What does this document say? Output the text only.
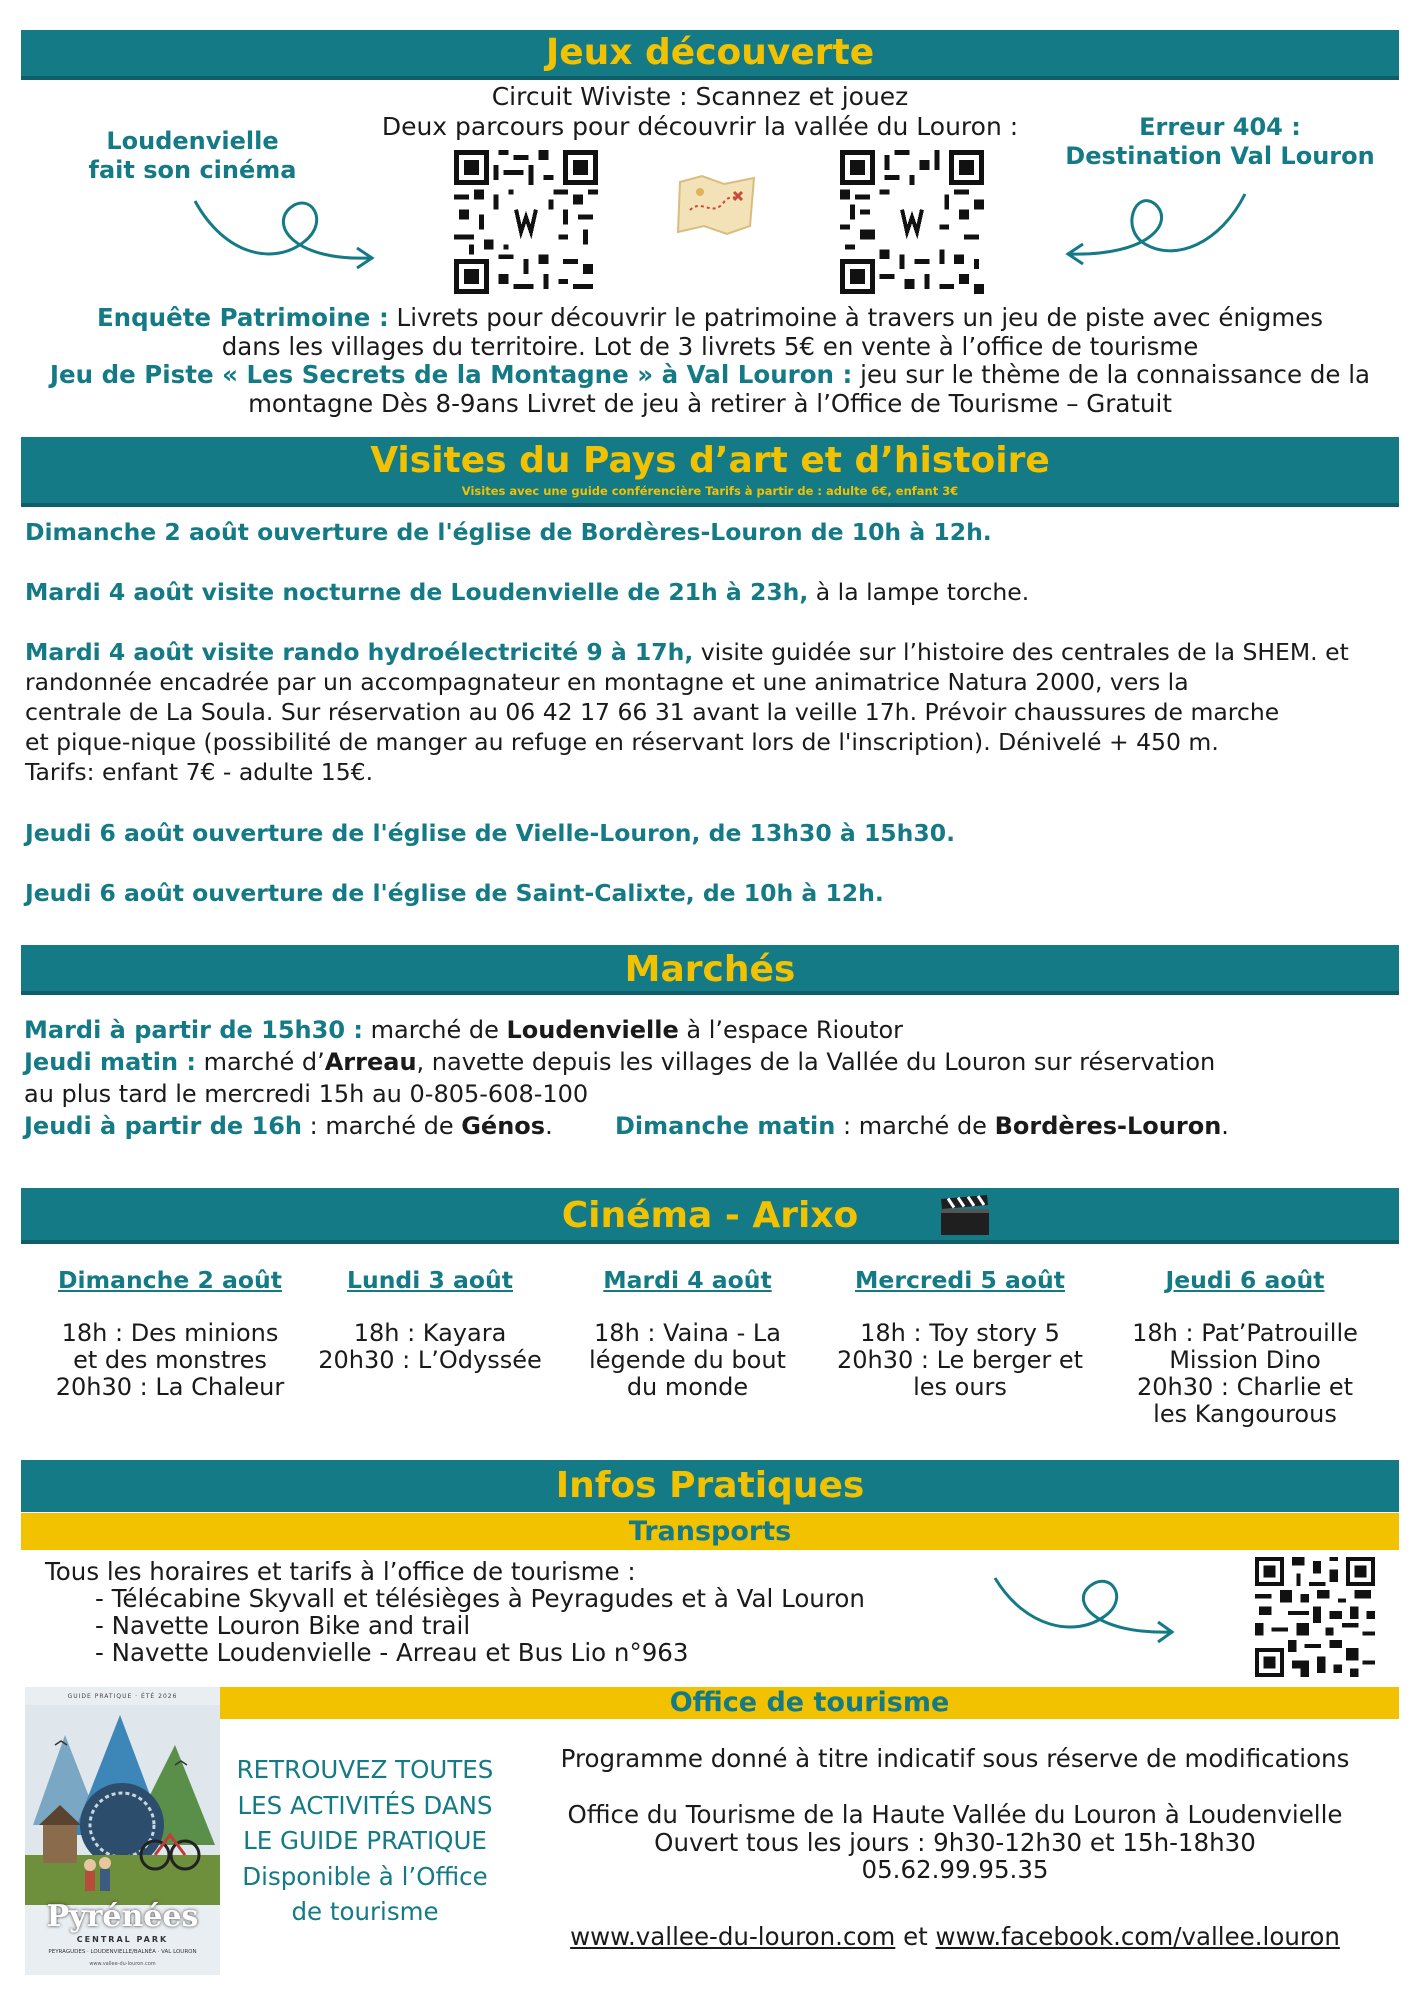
Jeux découverte
Circuit Wiviste : Scannez et jouez
Deux parcours pour découvrir la vallée du Louron :
Loudenvielle
fait son cinéma
Erreur 404 :
Destination Val Louron
Enquête Patrimoine : Livrets pour découvrir le patrimoine à travers un jeu de piste avec énigmes
dans les villages du territoire. Lot de 3 livrets 5€ en vente à l’office de tourisme
Jeu de Piste « Les Secrets de la Montagne » à Val Louron : jeu sur le thème de la connaissance de la
montagne Dès 8-9ans Livret de jeu à retirer à l’Office de Tourisme – Gratuit
Visites du Pays d’art et d’histoire
Visites avec une guide conférencière Tarifs à partir de : adulte 6€, enfant 3€
Dimanche 2 août ouverture de l'église de Bordères-Louron de 10h à 12h.
Mardi 4 août visite nocturne de Loudenvielle de 21h à 23h, à la lampe torche.
Mardi 4 août visite rando hydroélectricité 9 à 17h, visite guidée sur l’histoire des centrales de la SHEM. et
randonnée encadrée par un accompagnateur en montagne et une animatrice Natura 2000, vers la
centrale de La Soula. Sur réservation au 06 42 17 66 31 avant la veille 17h. Prévoir chaussures de marche
et pique-nique (possibilité de manger au refuge en réservant lors de l'inscription). Dénivelé + 450 m.
Tarifs: enfant 7€ - adulte 15€.
Jeudi 6 août ouverture de l'église de Vielle-Louron, de 13h30 à 15h30.
Jeudi 6 août ouverture de l'église de Saint-Calixte, de 10h à 12h.
Marchés
Mardi à partir de 15h30 : marché de Loudenvielle à l’espace Rioutor
Jeudi matin : marché d’Arreau, navette depuis les villages de la Vallée du Louron sur réservation
au plus tard le mercredi 15h au 0-805-608-100
Jeudi à partir de 16h : marché de Génos.	Dimanche matin : marché de Bordères-Louron.
Cinéma - Arixo
Dimanche 2 août
18h : Des minions
et des monstres
20h30 : La Chaleur
Lundi 3 août
18h : Kayara
20h30 : L’Odyssée
Mardi 4 août
18h : Vaina - La
légende du bout
du monde
Mercredi 5 août
18h : Toy story 5
20h30 : Le berger et
les ours
Jeudi 6 août
18h : Pat’Patrouille
Mission Dino
20h30 : Charlie et
les Kangourous
Infos Pratiques
Transports
Tous les horaires et tarifs à l’office de tourisme :
- Télécabine Skyvall et télésièges à Peyragudes et à Val Louron
- Navette Louron Bike and trail
- Navette Loudenvielle - Arreau et Bus Lio n°963
Office de tourisme
GUIDE PRATIQUE · ÉTÉ 2026
Pyrénées
CENTRAL PARK
PEYRAGUDES · LOUDENVIELLE/BALNÉA · VAL LOURON
www.vallee-du-louron.com
RETROUVEZ TOUTES
LES ACTIVITÉS DANS
LE GUIDE PRATIQUE
Disponible à l’Office
de tourisme
Programme donné à titre indicatif sous réserve de modifications
Office du Tourisme de la Haute Vallée du Louron à Loudenvielle
Ouvert tous les jours : 9h30-12h30 et 15h-18h30
05.62.99.95.35
www.vallee-du-louron.com et www.facebook.com/vallee.louron
